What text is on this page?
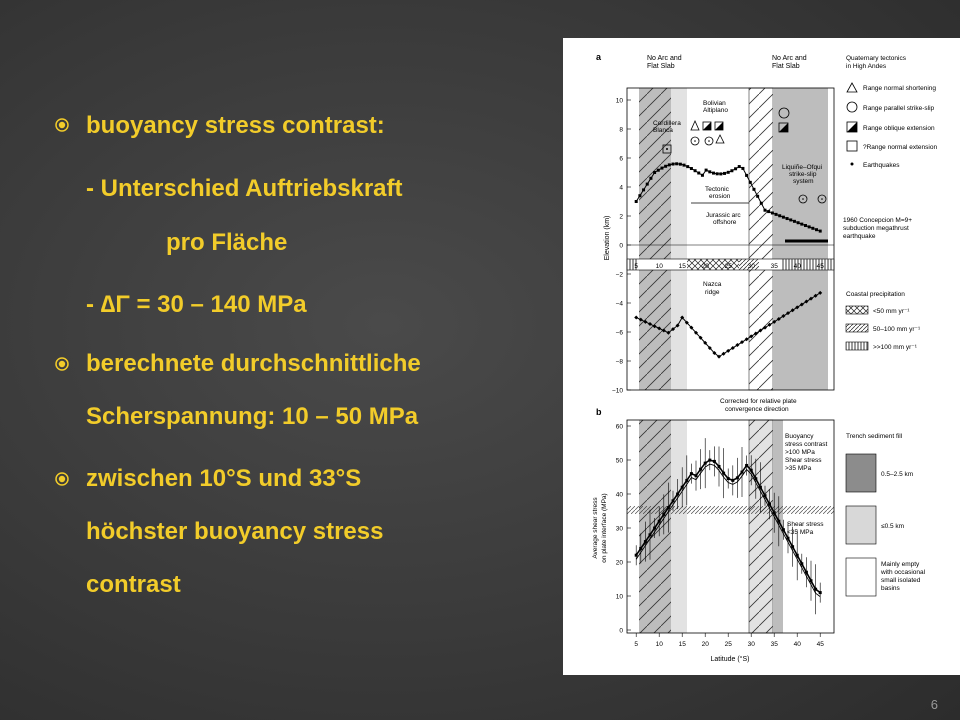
buoyancy stress contrast:
- Unterschied Auftriebskraft
pro Fläche
- ∆Γ = 30 – 140 MPa
berechnete durchschnittliche
Scherspannung: 10 – 50 MPa
zwischen 10°S und 33°S
höchster buoyancy stress
contrast
a	No Arc and
Flat Slab
No Arc and
Flat Slab
Elevation (km)
10
8
6
4
2
0
−2
−4
−6
−8
−10
5	10 15 20 25 30 35 40 45
Cordillera
Blanca
Bolivian
Altiplano
Tectonic
erosion
Jurassic arc
offshore
Liquiñe–Ofqui
strike-slip
system
1960 Concepcion M=9+
subduction megathrust
earthquake
Nazca
ridge
Quaternary tectonics
in High Andes
Range normal shortening
Range parallel strike-slip
Range oblique extension
?Range normal extension
Earthquakes
Coastal precipitation
<50 mm yr⁻¹
50–100 mm yr⁻¹
>>100 mm yr⁻¹
b
Corrected for relative plate
convergence direction
Average shear stress on plate interface (MPa)
60
50
40
30
20
10
0
5	10 15 20 25 30 35 40 45
Latitude (°S)
Buoyancy
stress contrast
>100 MPa
Shear stress
>35 MPa
Shear stress
<35 MPa
Trench sediment fill
0.5–2.5 km
≤0.5 km
Mainly empty
with occasional
small isolated
basins
6
